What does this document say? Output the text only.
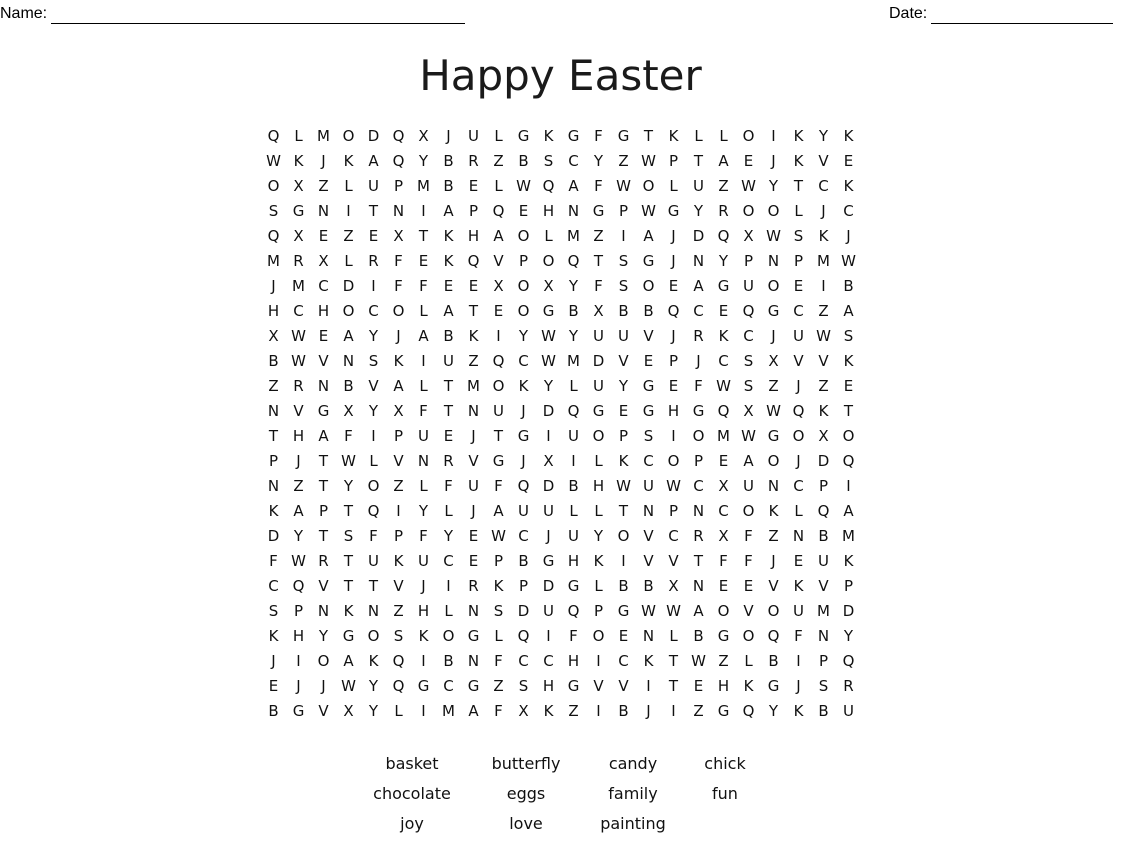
Name:	Date:
Happy Easter
Q L M O D Q X	J	U	L	G K G F G T	K	L	L O	I	K	Y	K
W K	J	K A Q Y	B R Z B	S C	Y	Z W P	T	A	E	J	K V	E
O X Z	L	U P M B	E	L W Q A	F W O L	U Z W Y	T	C K
S G N	I	T N	I	A	P Q E H N G P W G Y	R O O L	J	C
Q X	E	Z	E	X	T	K H A O L M Z	I	A	J	D Q X W S	K	J
M R X	L	R	F	E	K Q V	P O Q T	S G	J	N Y	P N P M W
J	M C D	I	F	F	E	E	X O X	Y	F	S O E	A G U O E	I	B
H C H O C O L	A	T	E O G B X B B Q C	E Q G C Z A
X W E	A	Y	J	A B K	I	Y W Y U U V	J	R K C	J	U W S
B W V N S	K	I	U Z Q C W M D V	E	P	J	C	S	X V V K
Z R N B V A	L	T M O K	Y	L	U Y G E	F W S	Z	J	Z	E
N V G X	Y	X	F	T N U	J	D Q G E G H G Q X W Q K	T
T H A	F	I	P U E	J	T G	I	U O P	S	I	O M W G O X O
P	J	T W L	V N R V G	J	X	I	L	K C O P	E	A O	J	D Q
N Z	T	Y O Z	L	F	U	F Q D B H W U W C X U N C	P	I
K A	P	T Q	I	Y	L	J	A U U	L	L	T N P N C O K	L Q A
D Y	T	S	F	P	F	Y	E W C	J	U Y O V C R X	F	Z N B M
F W R	T U K U C	E	P	B G H K	I	V V	T	F	F	J	E U K
C Q V	T	T	V	J	I	R K	P D G	L	B B X N E	E	V K V	P
S	P N K N Z H	L	N S D U Q P G W W A O V O U M D
K H Y G O S	K O G	L Q	I	F O E N	L	B G O Q F	N Y
J	I	O A K Q	I	B N	F	C C H	I	C K	T W Z	L	B	I	P Q
E	J	J	W Y Q G C G Z	S H G V V	I	T	E H K G	J	S	R
B G V X	Y	L	I	M A	F	X K Z	I	B	J	I	Z G Q Y	K B U
basket	butterfly	candy	chick
chocolate	eggs	family	fun
joy	love	painting
